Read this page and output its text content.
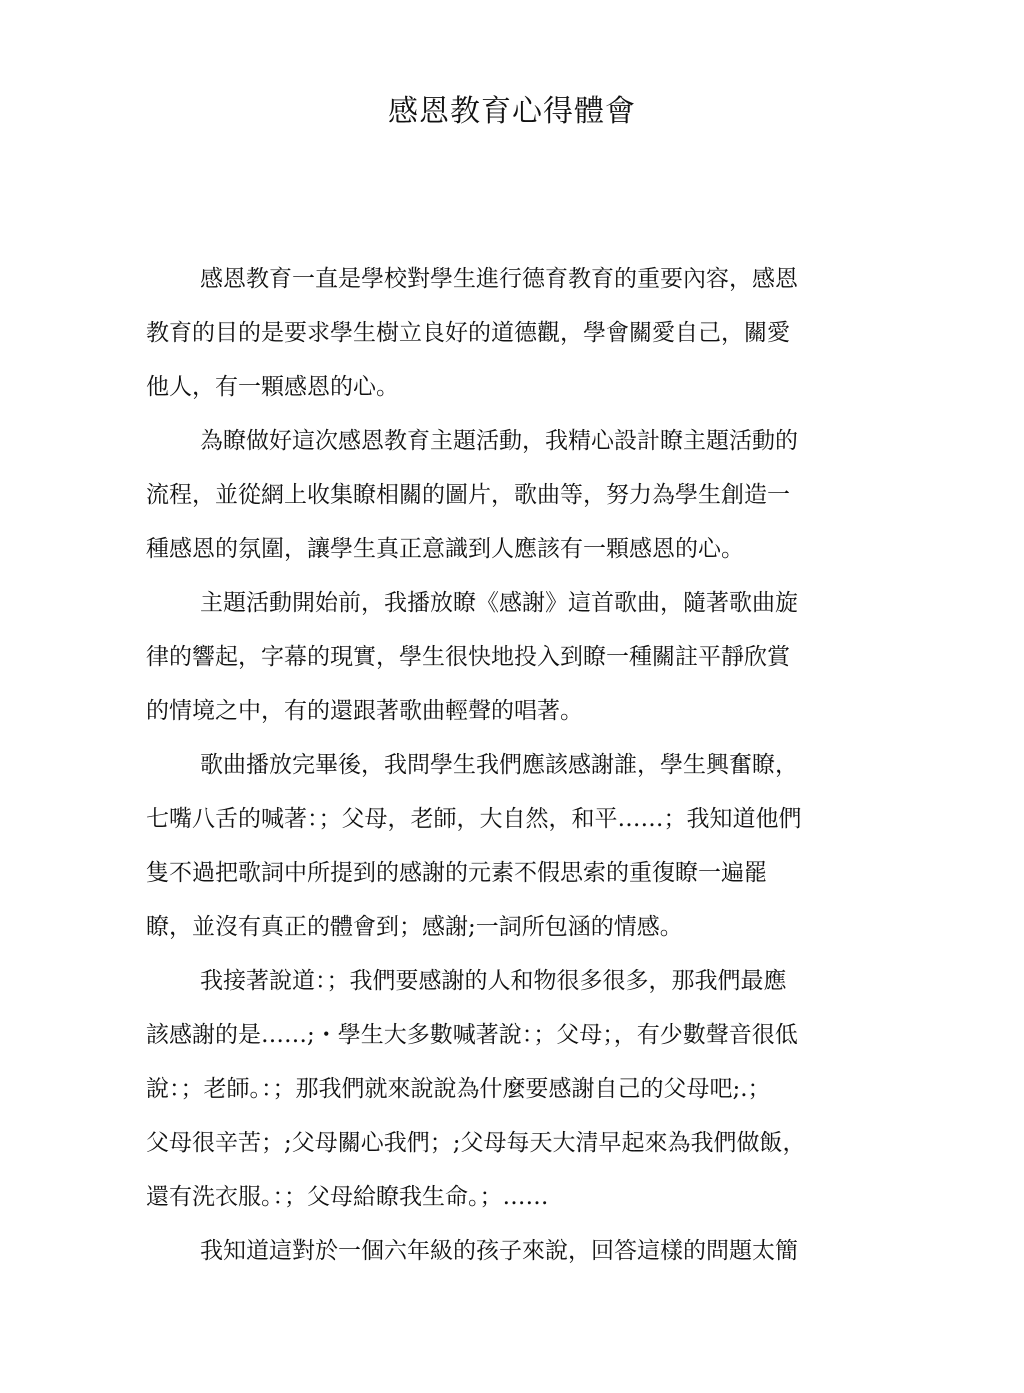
感恩教育心得體會
感恩教育一直是學校對學生進行德育教育的重要內容，感恩
教育的目的是要求學生樹立良好的道德觀，學會關愛自己，關愛
他人，有一顆感恩的心。
為瞭做好這次感恩教育主題活動，我精心設計瞭主題活動的
流程，並從網上收集瞭相關的圖片，歌曲等，努力為學生創造一
種感恩的氛圍，讓學生真正意識到人應該有一顆感恩的心。
主題活動開始前，我播放瞭《感謝》這首歌曲，隨著歌曲旋
律的響起，字幕的現實，學生很快地投入到瞭一種關註平靜欣賞
的情境之中，有的還跟著歌曲輕聲的唱著。
歌曲播放完畢後，我問學生我們應該感謝誰，學生興奮瞭，
七嘴八舌的喊著：；父母，老師，大自然，和平……；我知道他們
隻不過把歌詞中所提到的感謝的元素不假思索的重復瞭一遍罷
瞭，並沒有真正的體會到；感謝;一詞所包涵的情感。
我接著說道：；我們要感謝的人和物很多很多，那我們最應
該感謝的是……;・學生大多數喊著說：；父母；，有少數聲音很低
說：；老師。：；那我們就來說說為什麼要感謝自己的父母吧;.；
父母很辛苦；;父母關心我們；;父母每天大清早起來為我們做飯，
還有洗衣服。：；父母給瞭我生命。；……
我知道這對於一個六年級的孩子來說，回答這樣的問題太簡
